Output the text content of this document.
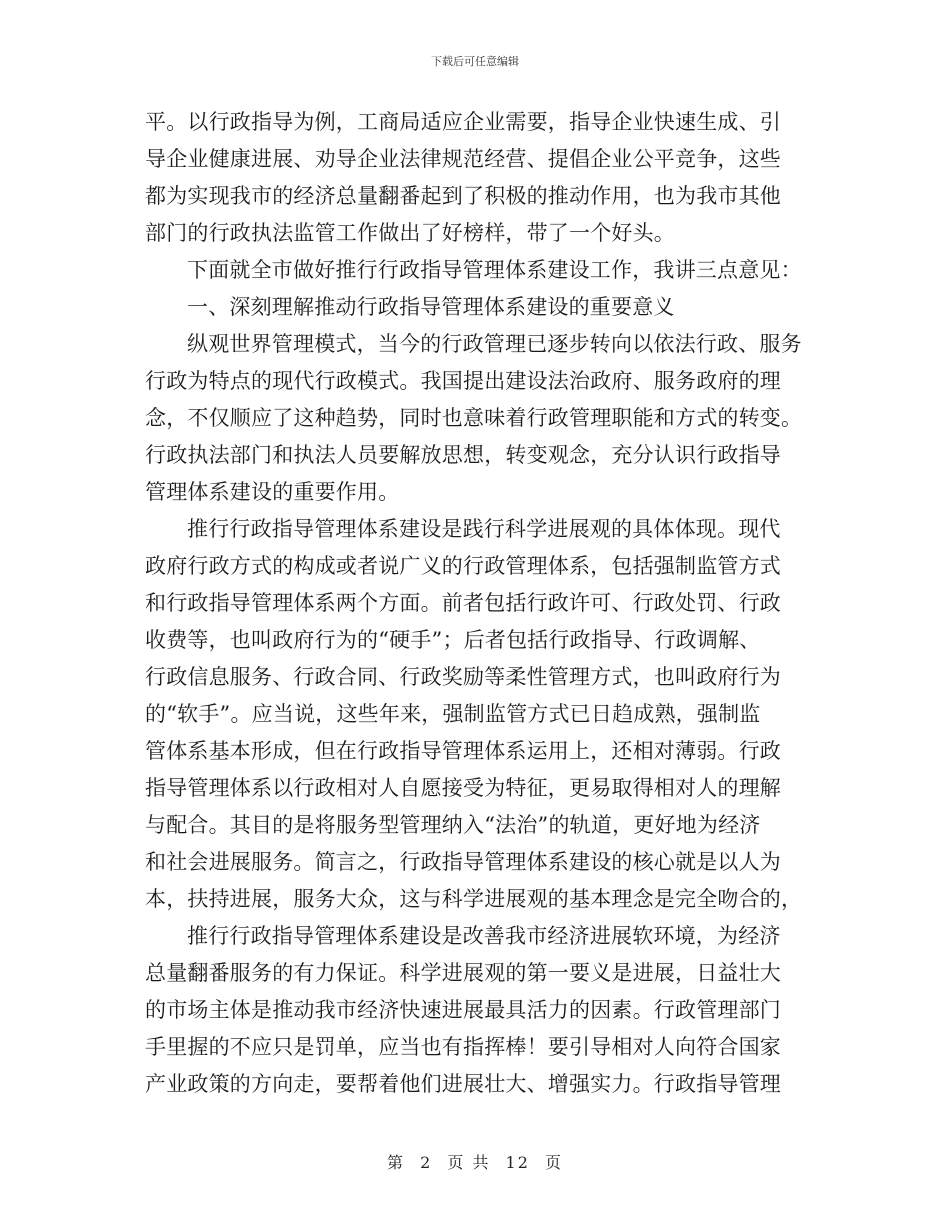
下载后可任意编辑
平。以行政指导为例，工商局适应企业需要，指导企业快速生成、引
导企业健康进展、劝导企业法律规范经营、提倡企业公平竞争，这些
都为实现我市的经济总量翻番起到了积极的推动作用，也为我市其他
部门的行政执法监管工作做出了好榜样，带了一个好头。
下面就全市做好推行行政指导管理体系建设工作，我讲三点意见：
一、深刻理解推动行政指导管理体系建设的重要意义
纵观世界管理模式，当今的行政管理已逐步转向以依法行政、服务
行政为特点的现代行政模式。我国提出建设法治政府、服务政府的理
念，不仅顺应了这种趋势，同时也意味着行政管理职能和方式的转变。
行政执法部门和执法人员要解放思想，转变观念，充分认识行政指导
管理体系建设的重要作用。
推行行政指导管理体系建设是践行科学进展观的具体体现。现代
政府行政方式的构成或者说广义的行政管理体系，包括强制监管方式
和行政指导管理体系两个方面。前者包括行政许可、行政处罚、行政
收费等，也叫政府行为的“硬手”；后者包括行政指导、行政调解、
行政信息服务、行政合同、行政奖励等柔性管理方式，也叫政府行为
的“软手”。应当说，这些年来，强制监管方式已日趋成熟，强制监
管体系基本形成，但在行政指导管理体系运用上，还相对薄弱。行政
指导管理体系以行政相对人自愿接受为特征，更易取得相对人的理解
与配合。其目的是将服务型管理纳入“法治”的轨道，更好地为经济
和社会进展服务。简言之，行政指导管理体系建设的核心就是以人为
本，扶持进展，服务大众，这与科学进展观的基本理念是完全吻合的，
推行行政指导管理体系建设是改善我市经济进展软环境，为经济
总量翻番服务的有力保证。科学进展观的第一要义是进展，日益壮大
的市场主体是推动我市经济快速进展最具活力的因素。行政管理部门
手里握的不应只是罚单，应当也有指挥棒！要引导相对人向符合国家
产业政策的方向走，要帮着他们进展壮大、增强实力。行政指导管理
第 2 页 共 12 页
